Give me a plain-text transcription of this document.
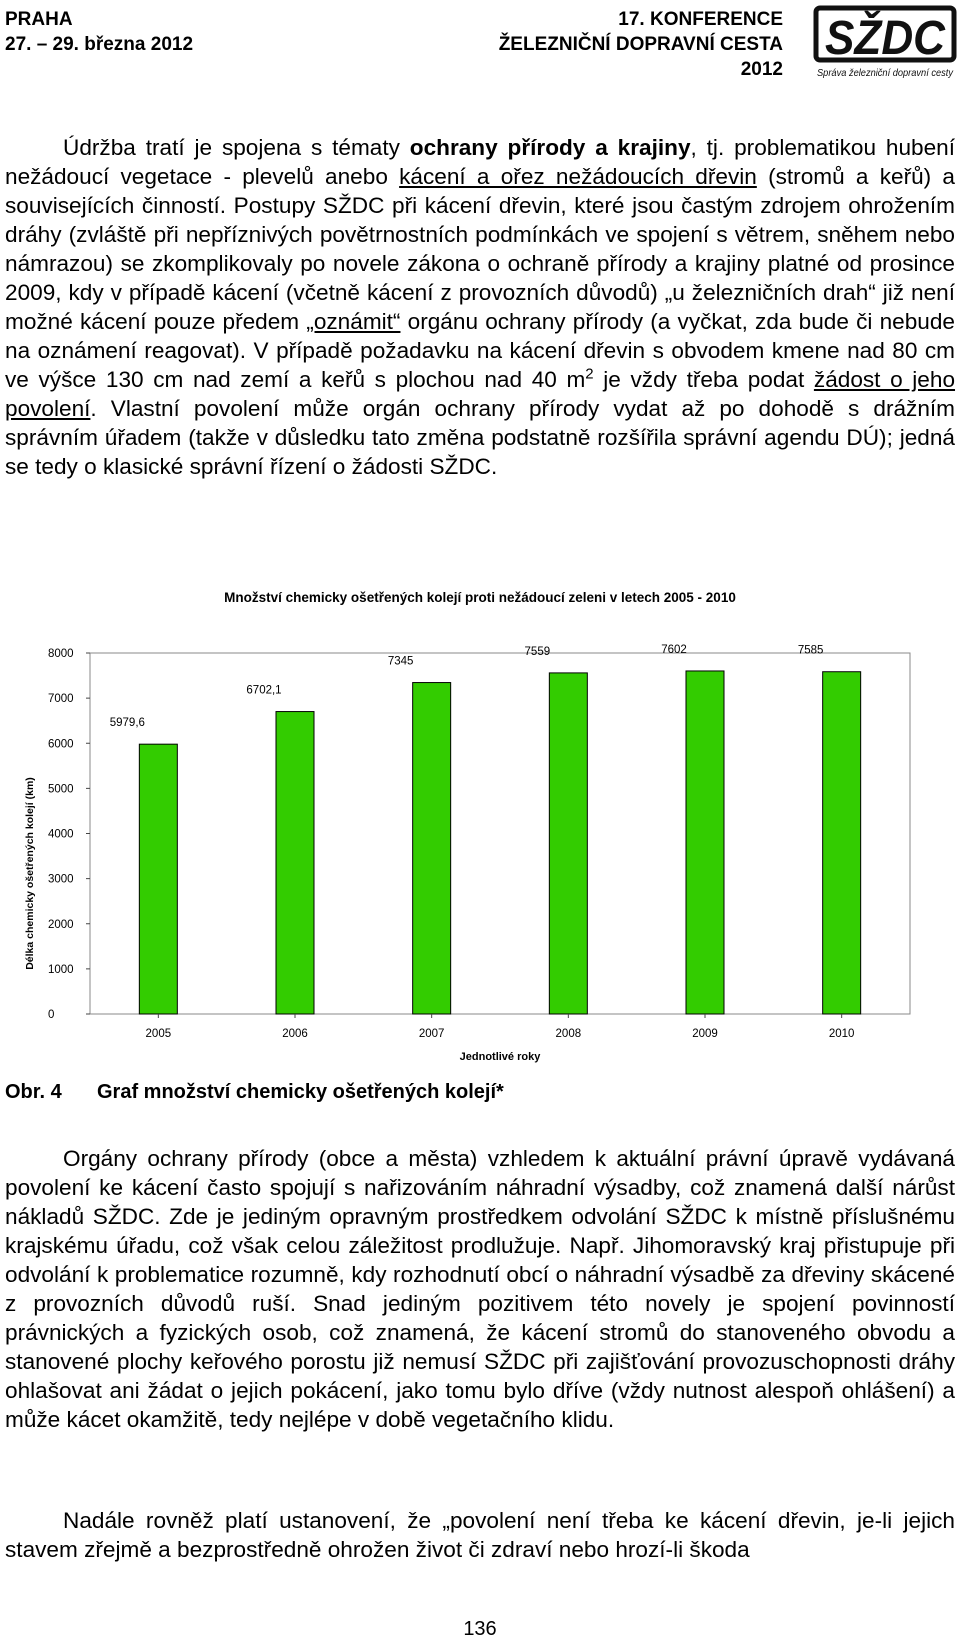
PRAHA
27. – 29. března 2012
17. KONFERENCE
ŽELEZNIČNÍ DOPRAVNÍ CESTA
2012
SŽDC
Správa železniční dopravní cesty
Údržba tratí je spojena s tématy ochrany přírody a krajiny, tj. problematikou hubení nežádoucí vegetace - plevelů anebo kácení a ořez nežádoucích dřevin (stromů a keřů) a souvisejících činností. Postupy SŽDC při kácení dřevin, které jsou častým zdrojem ohrožením dráhy (zvláště při nepříznivých povětrnostních podmínkách ve spojení s větrem, sněhem nebo námrazou) se zkomplikovaly po novele zákona o ochraně přírody a krajiny platné od prosince 2009, kdy v případě kácení (včetně kácení z provozních důvodů) „u železničních drah“ již není možné kácení pouze předem „oznámit“ orgánu ochrany přírody (a vyčkat, zda bude či nebude na oznámení reagovat). V případě požadavku na kácení dřevin s obvodem kmene nad 80 cm ve výšce 130 cm nad zemí a keřů s plochou nad 40 $m^2$ je vždy třeba podat žádost o jeho povolení. Vlastní povolení může orgán ochrany přírody vydat až po dohodě s drážním správním úřadem (takže v důsledku tato změna podstatně rozšířila správní agendu DÚ); jedná se tedy o klasické správní řízení o žádosti SŽDC.
Množství chemicky ošetřených kolejí proti nežádoucí zeleni v letech 2005 - 2010
0
1000
2000
3000
4000
5000
6000
7000
8000
5979,6
2005
6702,1
2006
7345
2007
7559
2008
7602
2009
7585
2010
Jednotlivé roky
Délka chemicky ošetřených kolejí (km)
Obr. 4 Graf množství chemicky ošetřených kolejí*
Orgány ochrany přírody (obce a města) vzhledem k aktuální právní úpravě vydávaná povolení ke kácení často spojují s nařizováním náhradní výsadby, což znamená další nárůst nákladů SŽDC. Zde je jediným opravným prostředkem odvolání SŽDC k místně příslušnému krajskému úřadu, což však celou záležitost prodlužuje. Např. Jihomoravský kraj přistupuje při odvolání k problematice rozumně, kdy rozhodnutí obcí o náhradní výsadbě za dřeviny skácené z provozních důvodů ruší. Snad jediným pozitivem této novely je spojení povinností právnických a fyzických osob, což znamená, že kácení stromů do stanoveného obvodu a stanovené plochy keřového porostu již nemusí SŽDC při zajišťování provozuschopnosti dráhy ohlašovat ani žádat o jejich pokácení, jako tomu bylo dříve (vždy nutnost alespoň ohlášení) a může kácet okamžitě, tedy nejlépe v době vegetačního klidu.
Nadále rovněž platí ustanovení, že „povolení není třeba ke kácení dřevin, je-li jejich stavem zřejmě a bezprostředně ohrožen život či zdraví nebo hrozí-li škoda
136
